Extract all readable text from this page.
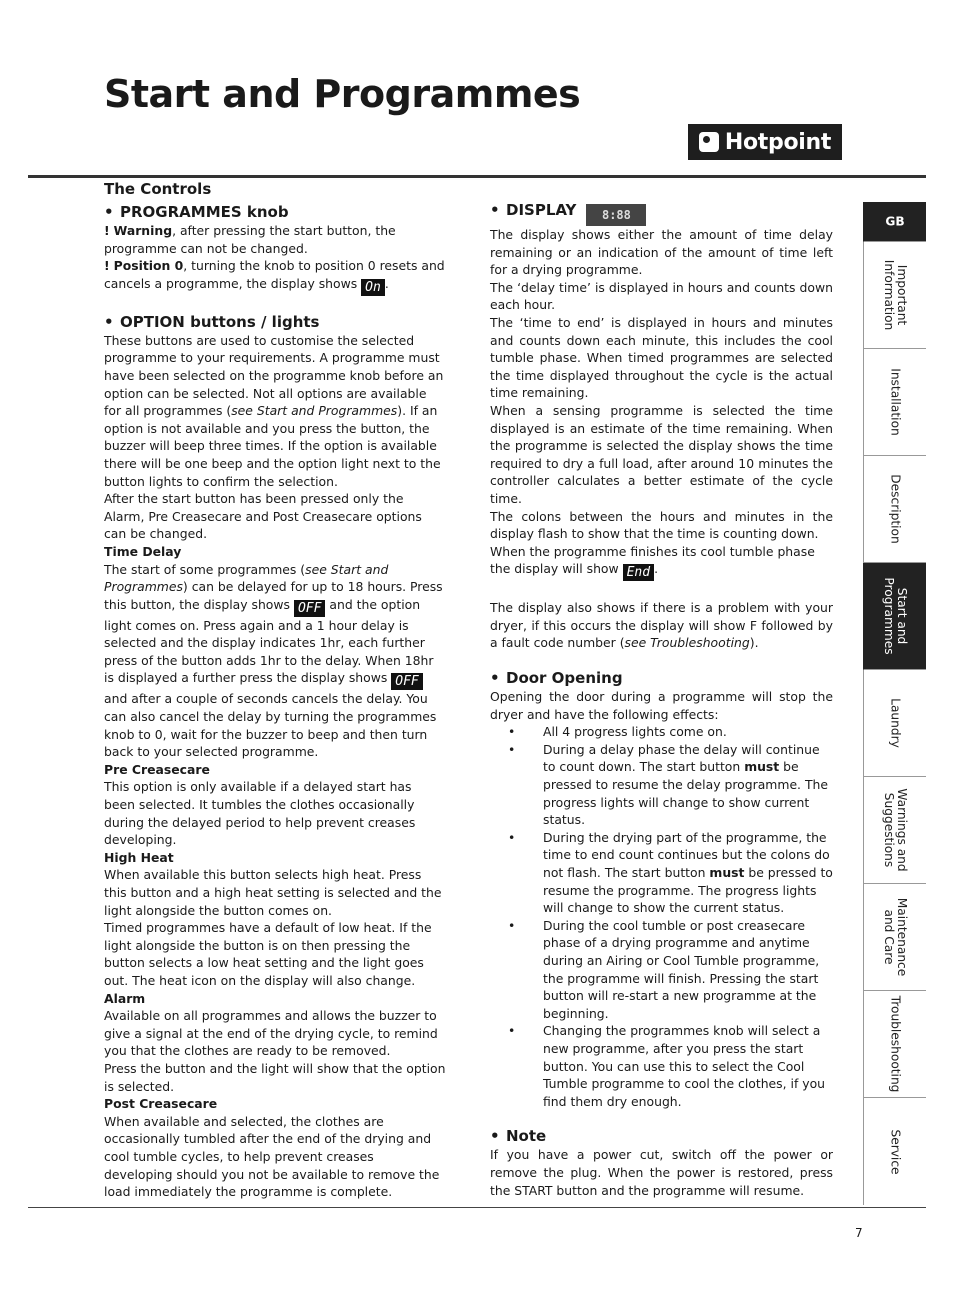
Start and Programmes
Hotpoint
The Controls
• PROGRAMMES knob

! Warning, after pressing the start button, the programme can not be changed.

! Position 0, turning the knob to position 0 resets and cancels a programme, the display shows On .

• OPTION buttons / lights

These buttons are used to customise the selected programme to your requirements. A programme must have been selected on the programme knob before an option can be selected. Not all options are available for all programmes (see Start and Programmes). If an option is not available and you press the button, the buzzer will beep three times. If the option is available there will be one beep and the option light next to the button lights to confirm the selection.

After the start button has been pressed only the Alarm, Pre Creasecare and Post Creasecare options can be changed.

Time Delay

The start of some programmes (see Start and Programmes) can be delayed for up to 18 hours. Press this button, the display shows OFF and the option light comes on. Press again and a 1 hour delay is selected and the display indicates 1hr, each further press of the button adds 1hr to the delay. When 18hr is displayed a further press the display shows OFF and after a couple of seconds cancels the delay. You can also cancel the delay by turning the programmes knob to 0, wait for the buzzer to beep and then turn back to your selected programme.

Pre Creasecare

This option is only available if a delayed start has been selected. It tumbles the clothes occasionally during the delayed period to help prevent creases developing.

High Heat

When available this button selects high heat. Press this button and a high heat setting is selected and the light alongside the button comes on.

Timed programmes have a default of low heat. If the light alongside the button is on then pressing the button selects a low heat setting and the light goes out. The heat icon on the display will also change.

Alarm

Available on all programmes and allows the buzzer to give a signal at the end of the drying cycle, to remind you that the clothes are ready to be removed.

Press the button and the light will show that the option is selected.

Post Creasecare

When available and selected, the clothes are occasionally tumbled after the end of the drying and cool tumble cycles, to help prevent creases developing should you not be available to remove the load immediately the programme is complete.

• DISPLAY 8:88

The display shows either the amount of time delay remaining or an indication of the amount of time left for a drying programme.

The ‘delay time’ is displayed in hours and counts down each hour.

The ‘time to end’ is displayed in hours and minutes and counts down each minute, this includes the cool tumble phase. When timed programmes are selected the time displayed throughout the cycle is the actual time remaining.

When a sensing programme is selected the time displayed is an estimate of the time remaining. When the programme is selected the display shows the time required to dry a full load, after around 10 minutes the controller calculates a better estimate of the cycle time.

The colons between the hours and minutes in the display flash to show that the time is counting down.

When the programme finishes its cool tumble phase the display will show End .

The display also shows if there is a problem with your dryer, if this occurs the display will show F followed by a fault code number (see Troubleshooting).

• Door Opening

Opening the door during a programme will stop the dryer and have the following effects:

• All 4 progress lights come on.
• During a delay phase the delay will continue to count down. The start button must be pressed to resume the delay programme. The progress lights will change to show current status.
• During the drying part of the programme, the time to end count continues but the colons do not flash. The start button must be pressed to resume the programme. The progress lights will change to show the current status.
• During the cool tumble or post creasecare phase of a drying programme and anytime during an Airing or Cool Tumble programme, the programme will finish. Pressing the start button will re-start a new programme at the beginning.
• Changing the programmes knob will select a new programme, after you press the start button. You can use this to select the Cool Tumble programme to cool the clothes, if you find them dry enough.
• Note

If you have a power cut, switch off the power or remove the plug. When the power is restored, press the START button and the programme will resume.

GB
Important
Information
Installation
Description
Start and
Programmes
Laundry
Warnings and
Suggestions
Maintenance
and Care
Troubleshooting
Service
7
